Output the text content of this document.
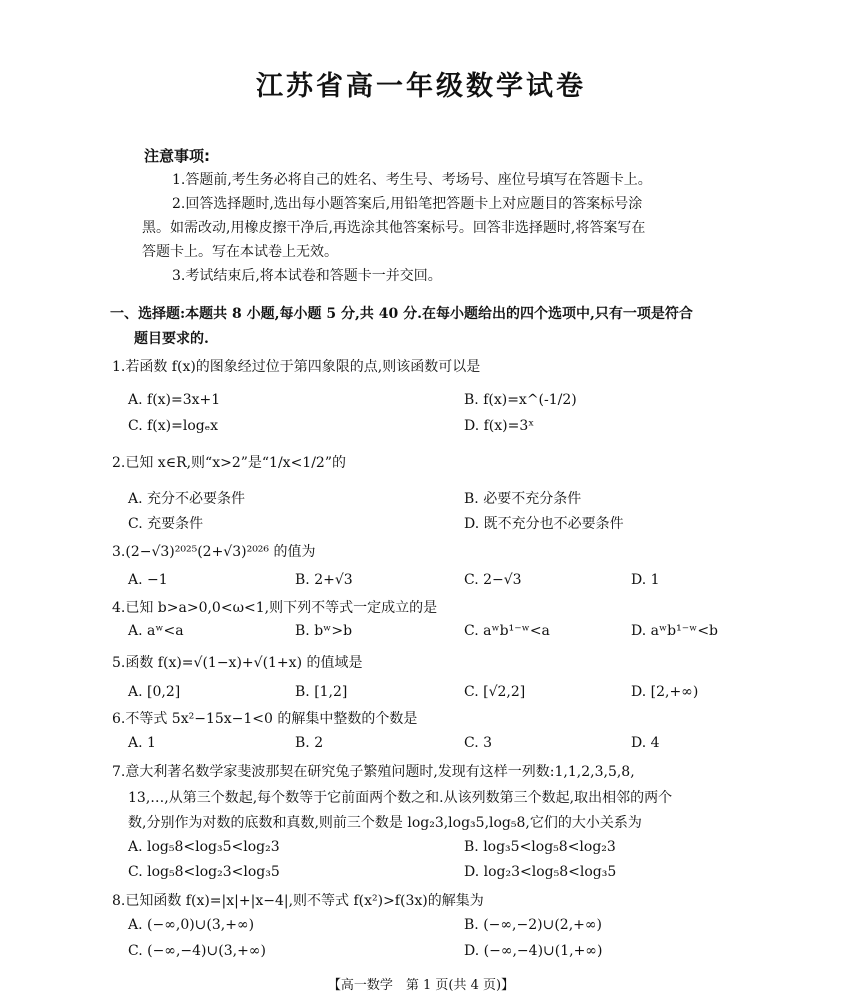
江苏省高一年级数学试卷
注意事项:
1.答题前,考生务必将自己的姓名、考生号、考场号、座位号填写在答题卡上。
2.回答选择题时,选出每小题答案后,用铅笔把答题卡上对应题目的答案标号涂
黑。如需改动,用橡皮擦干净后,再选涂其他答案标号。回答非选择题时,将答案写在
答题卡上。写在本试卷上无效。
3.考试结束后,将本试卷和答题卡一并交回。
一、选择题:本题共 8 小题,每小题 5 分,共 40 分.在每小题给出的四个选项中,只有一项是符合
题目要求的.
1.若函数 f(x)的图象经过位于第四象限的点,则该函数可以是
A. f(x)=3x+1	B. f(x)=x^(-1/2)
C. f(x)=logₑx	D. f(x)=3ˣ
2.已知 x∈R,则“x>2”是“1/x<1/2”的
A. 充分不必要条件	B. 必要不充分条件
C. 充要条件	D. 既不充分也不必要条件
3.(2−√3)²⁰²⁵(2+√3)²⁰²⁶ 的值为
A. −1	B. 2+√3	C. 2−√3	D. 1
4.已知 b>a>0,0<ω<1,则下列不等式一定成立的是
A. aʷ<a	B. bʷ>b	C. aʷb¹⁻ʷ<a	D. aʷb¹⁻ʷ<b
5.函数 f(x)=√(1−x)+√(1+x) 的值域是
A. [0,2]	B. [1,2]	C. [√2,2]	D. [2,+∞)
6.不等式 5x²−15x−1<0 的解集中整数的个数是
A. 1	B. 2	C. 3	D. 4
7.意大利著名数学家斐波那契在研究兔子繁殖问题时,发现有这样一列数:1,1,2,3,5,8,
13,…,从第三个数起,每个数等于它前面两个数之和.从该列数第三个数起,取出相邻的两个
数,分别作为对数的底数和真数,则前三个数是 log₂3,log₃5,log₅8,它们的大小关系为
A. log₅8<log₃5<log₂3	B. log₃5<log₅8<log₂3
C. log₅8<log₂3<log₃5	D. log₂3<log₅8<log₃5
8.已知函数 f(x)=|x|+|x−4|,则不等式 f(x²)>f(3x)的解集为
A. (−∞,0)∪(3,+∞)	B. (−∞,−2)∪(2,+∞)
C. (−∞,−4)∪(3,+∞)	D. (−∞,−4)∪(1,+∞)
【高一数学　第 1 页(共 4 页)】
